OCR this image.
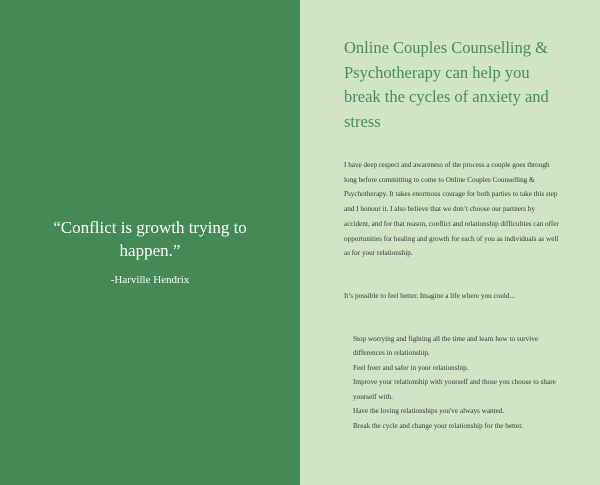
“Conflict is growth trying to happen.”

-Harville Hendrix
Online Couples Counselling & Psychotherapy can help you break the cycles of anxiety and stress

I have deep respect and awareness of the process a couple goes through long before committing to come to Online Couples Counselling & Psychotherapy. It takes enormous courage for both parties to take this step and I honour it. I also believe that we don’t choose our partners by accident, and for that reason, conflict and relationship difficulties can offer opportunities for healing and growth for each of you as individuals as well as for your relationship.

It’s possible to feel better. Imagine a life where you could...

Stop worrying and fighting all the time and learn how to survive differences in relationship.
Feel freer and safer in your relationship.
Improve your relationship with yourself and those you choose to share yourself with.
Have the loving relationships you've always wanted.
Break the cycle and change your relationship for the better.
